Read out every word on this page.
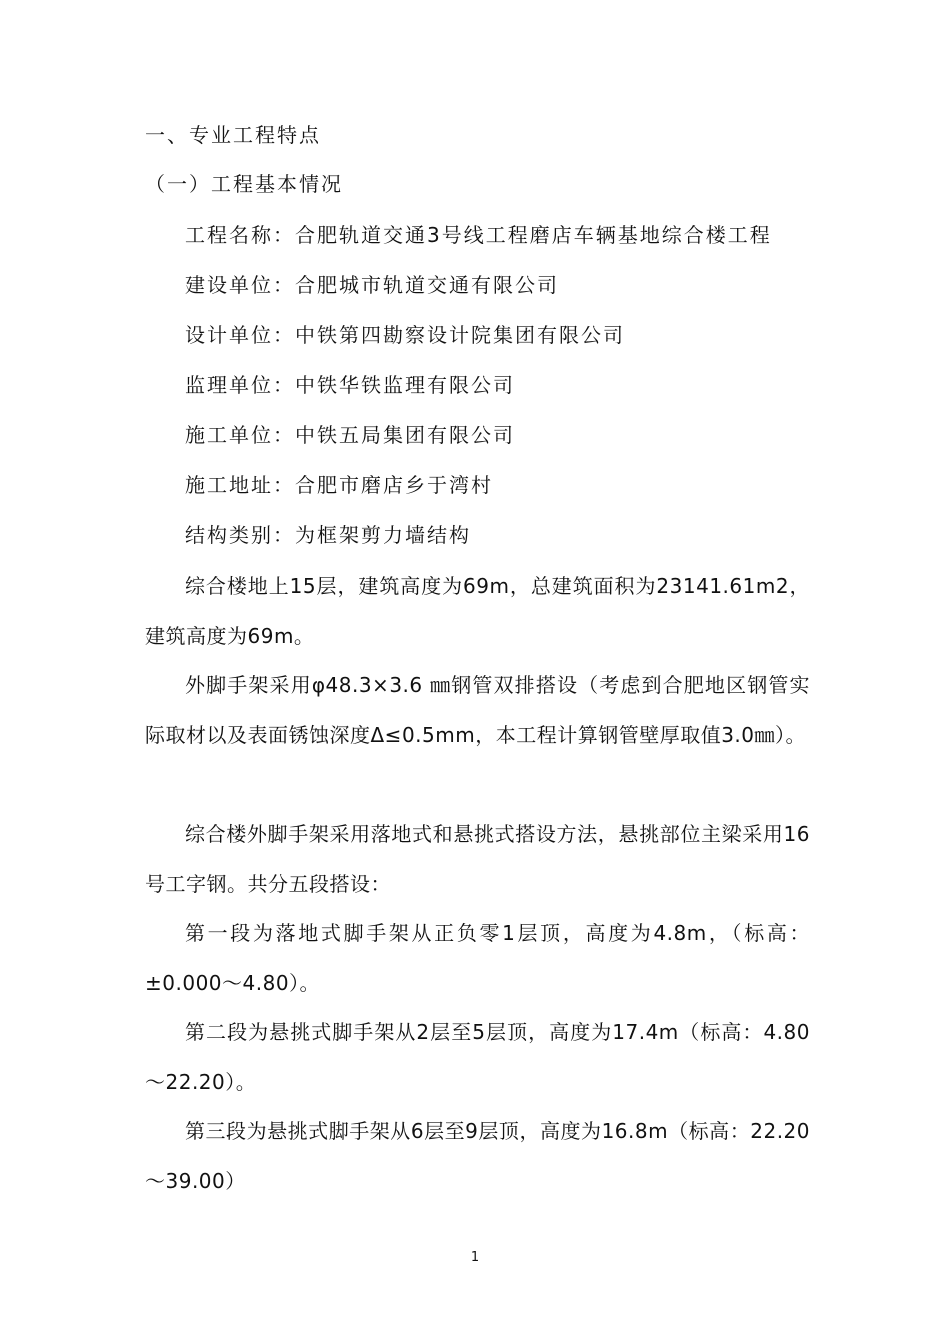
一、专业工程特点
（一）工程基本情况
工程名称：合肥轨道交通3号线工程磨店车辆基地综合楼工程
建设单位：合肥城市轨道交通有限公司
设计单位：中铁第四勘察设计院集团有限公司
监理单位：中铁华铁监理有限公司
施工单位：中铁五局集团有限公司
施工地址：合肥市磨店乡于湾村
结构类别：为框架剪力墙结构

综合楼地上15层，建筑高度为69m，总建筑面积为23141.61m2，建筑高度为69m。

外脚手架采用φ48.3×3.6 ㎜钢管双排搭设（考虑到合肥地区钢管实际取材以及表面锈蚀深度Δ≤0.5mm，本工程计算钢管壁厚取值3.0㎜）。

综合楼外脚手架采用落地式和悬挑式搭设方法，悬挑部位主梁采用16号工字钢。共分五段搭设：

第一段为落地式脚手架从正负零1层顶，高度为4.8m，（标高：±0.000～4.80）。

第二段为悬挑式脚手架从2层至5层顶，高度为17.4m（标高：4.80～22.20）。

第三段为悬挑式脚手架从6层至9层顶，高度为16.8m（标高：22.20～39.00）

1
